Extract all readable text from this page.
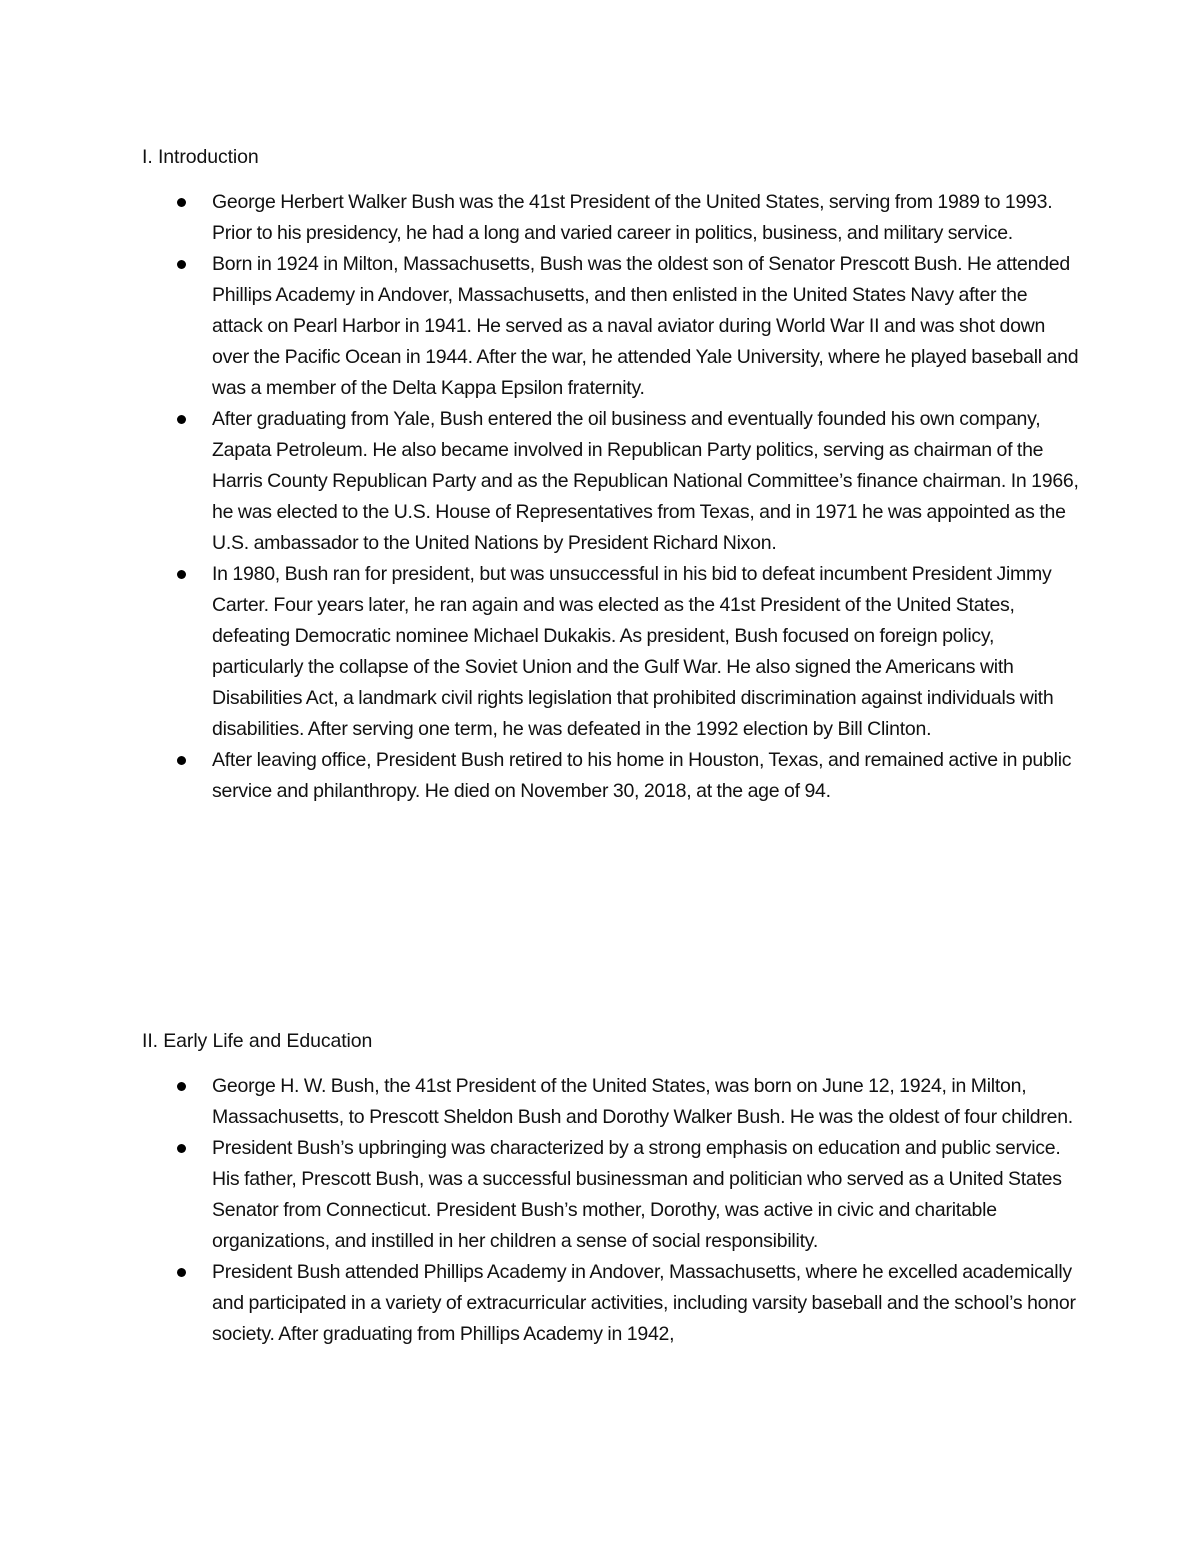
I. Introduction
George Herbert Walker Bush was the 41st President of the United States, serving from 1989 to 1993. Prior to his presidency, he had a long and varied career in politics, business, and military service.
Born in 1924 in Milton, Massachusetts, Bush was the oldest son of Senator Prescott Bush. He attended Phillips Academy in Andover, Massachusetts, and then enlisted in the United States Navy after the attack on Pearl Harbor in 1941. He served as a naval aviator during World War II and was shot down over the Pacific Ocean in 1944. After the war, he attended Yale University, where he played baseball and was a member of the Delta Kappa Epsilon fraternity.
After graduating from Yale, Bush entered the oil business and eventually founded his own company, Zapata Petroleum. He also became involved in Republican Party politics, serving as chairman of the Harris County Republican Party and as the Republican National Committee’s finance chairman. In 1966, he was elected to the U.S. House of Representatives from Texas, and in 1971 he was appointed as the U.S. ambassador to the United Nations by President Richard Nixon.
In 1980, Bush ran for president, but was unsuccessful in his bid to defeat incumbent President Jimmy Carter. Four years later, he ran again and was elected as the 41st President of the United States, defeating Democratic nominee Michael Dukakis. As president, Bush focused on foreign policy, particularly the collapse of the Soviet Union and the Gulf War. He also signed the Americans with Disabilities Act, a landmark civil rights legislation that prohibited discrimination against individuals with disabilities. After serving one term, he was defeated in the 1992 election by Bill Clinton.
After leaving office, President Bush retired to his home in Houston, Texas, and remained active in public service and philanthropy. He died on November 30, 2018, at the age of 94.
II. Early Life and Education
George H. W. Bush, the 41st President of the United States, was born on June 12, 1924, in Milton, Massachusetts, to Prescott Sheldon Bush and Dorothy Walker Bush. He was the oldest of four children.
President Bush’s upbringing was characterized by a strong emphasis on education and public service. His father, Prescott Bush, was a successful businessman and politician who served as a United States Senator from Connecticut. President Bush’s mother, Dorothy, was active in civic and charitable organizations, and instilled in her children a sense of social responsibility.
President Bush attended Phillips Academy in Andover, Massachusetts, where he excelled academically and participated in a variety of extracurricular activities, including varsity baseball and the school’s honor society. After graduating from Phillips Academy in 1942,
